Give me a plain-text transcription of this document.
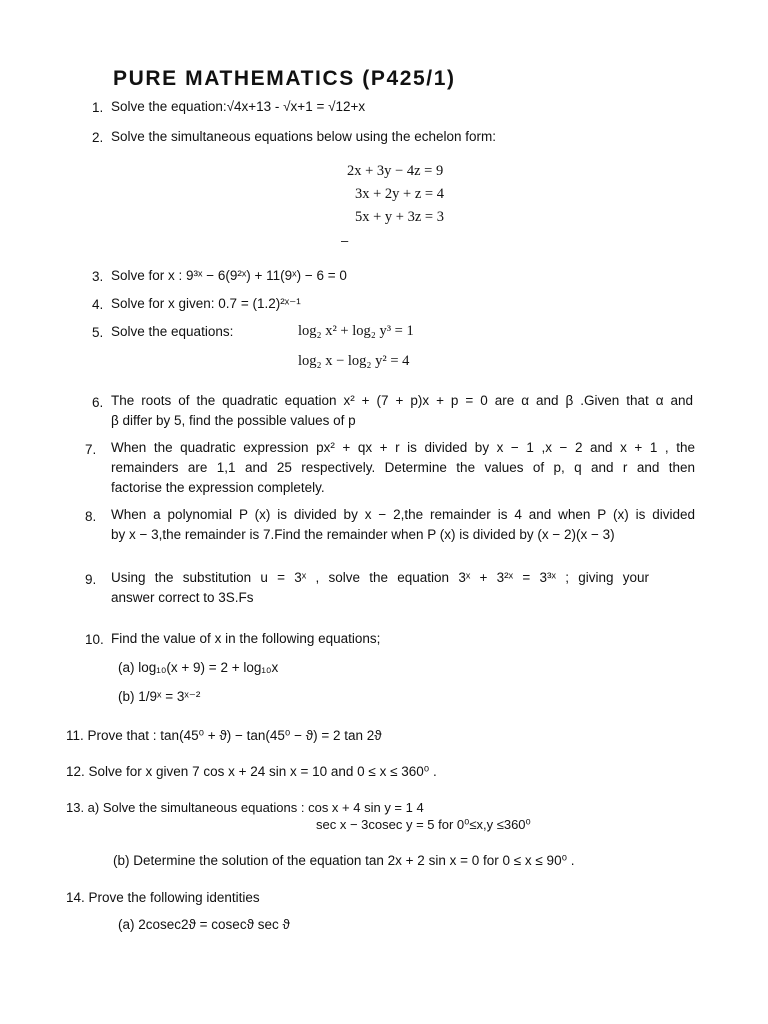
PURE MATHEMATICS (P425/1)
1. Solve the equation:√4x+13 - √x+1 = √12+x
2. Solve the simultaneous equations below using the echelon form:
2x + 3y − 4z = 9
3x + 2y + z = 4
5x + y + 3z = 3
–
3. Solve for x : 9³ˣ − 6(9²ˣ) + 11(9ˣ) − 6 = 0
4. Solve for x given: 0.7 = (1.2)²ˣ⁻¹
5. Solve the equations:	log₂ x² + log₂ y³ = 1
log₂ x − log₂ y² = 4
6. The roots of the quadratic equation x² + (7 + p)x + p = 0 are α and β .Given that α and
β differ by 5, find the possible values of p
7. When the quadratic expression px² + qx + r is divided by x − 1 ,x − 2 and x + 1 , the
remainders are 1,1 and 25 respectively. Determine the values of p, q and r and then
factorise the expression completely.
8. When a polynomial P (x) is divided by x − 2,the remainder is 4 and when P (x) is divided
by x − 3,the remainder is 7.Find the remainder when P (x) is divided by (x − 2)(x − 3)
9. Using the substitution u = 3ˣ , solve the equation 3ˣ + 3²ˣ = 3³ˣ ; giving your
answer correct to 3S.Fs
10. Find the value of x in the following equations;
(a) log₁₀(x + 9) = 2 + log₁₀x
(b) 1/9ˣ = 3ˣ⁻²
11. Prove that : tan(45⁰ + ϑ) − tan(45⁰ − ϑ) = 2 tan 2ϑ
12. Solve for x given 7 cos x + 24 sin x = 10 and 0 ≤ x ≤ 360⁰ .
13. a) Solve the simultaneous equations : cos x + 4 sin y = 1 4
sec x − 3cosec y = 5 for 0⁰≤x,y ≤360⁰
(b) Determine the solution of the equation tan 2x + 2 sin x = 0 for 0 ≤ x ≤ 90⁰ .
14. Prove the following identities
(a) 2cosec2ϑ = cosecϑ sec ϑ
